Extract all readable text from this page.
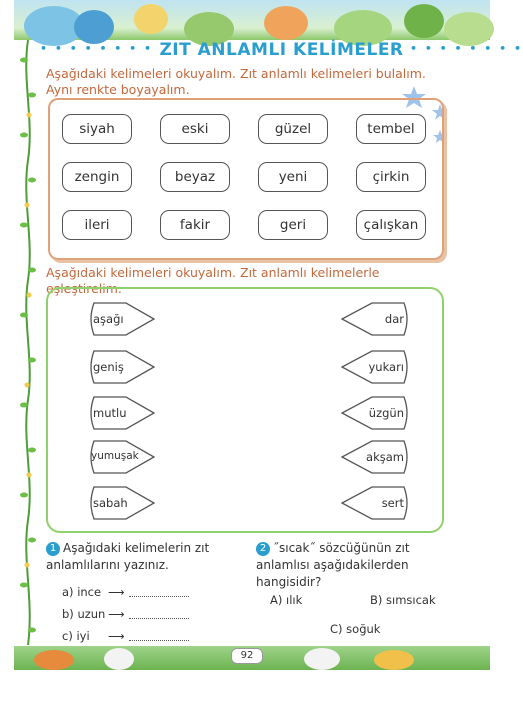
• • • • • • • • ZIT ANLAMLI KELİMELER • • • • • • • •
Aşağıdaki kelimeleri okuyalım. Zıt anlamlı kelimeleri bulalım. Aynı renkte boyayalım.
siyah	eski	güzel	tembel
zengin	beyaz	yeni	çirkin
ileri	fakir	geri	çalışkan
Aşağıdaki kelimeleri okuyalım. Zıt anlamlı kelimelerle eşleştirelim.
aşağı
geniş
mutlu
yumuşak
sabah
dar
yukarı
üzgün
akşam
sert
1 Aşağıdaki kelimelerin zıt anlamlılarını yazınız.
a) ince ⟶
b) uzun ⟶
c) iyi ⟶
2 ˝sıcak˝ sözcüğünün zıt anlamlısı aşağıdakilerden hangisidir?
A) ılık	B) sımsıcak
C) soğuk
92
